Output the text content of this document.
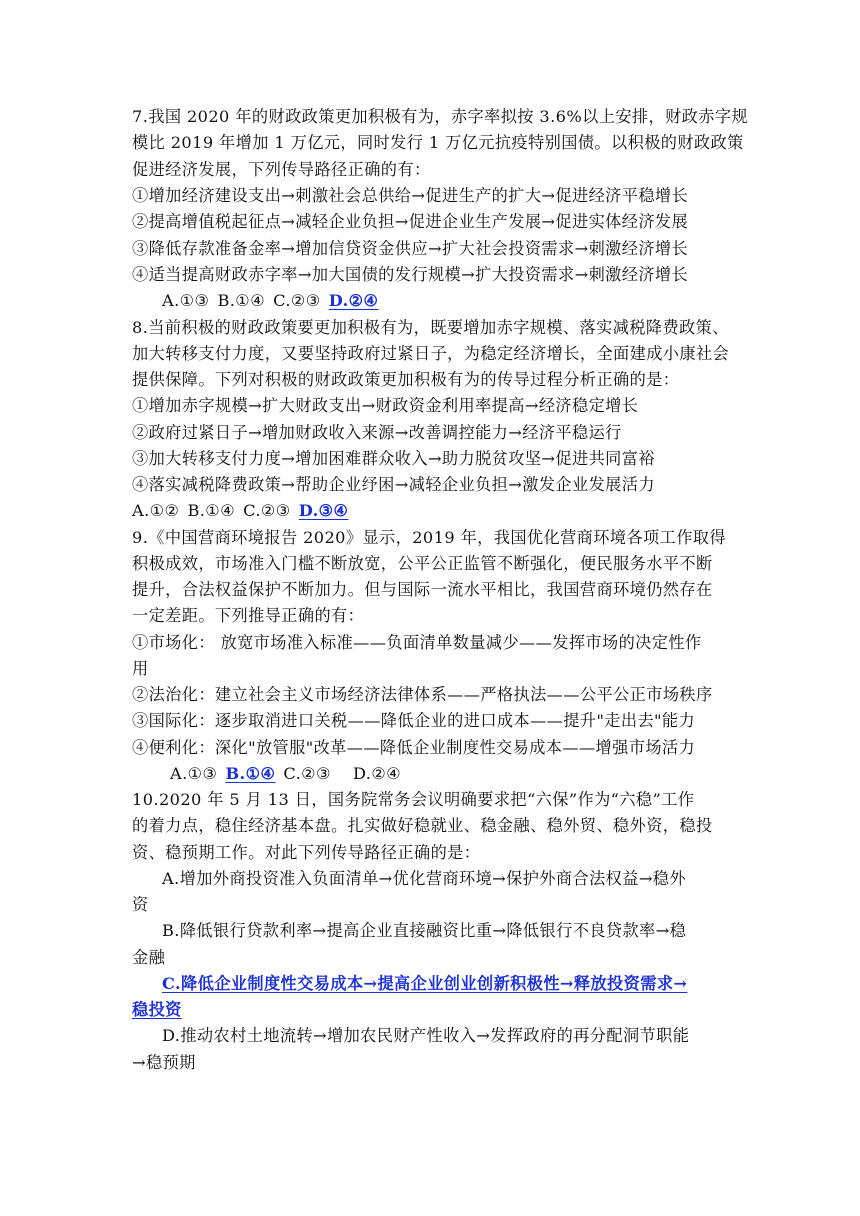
7.我国 2020 年的财政政策更加积极有为，赤字率拟按 3.6%以上安排，财政赤字规
模比 2019 年增加 1 万亿元，同时发行 1 万亿元抗疫特别国债。以积极的财政政策
促进经济发展，下列传导路径正确的有：
①增加经济建设支出→刺激社会总供给→促进生产的扩大→促进经济平稳增长
②提高增值税起征点→减轻企业负担→促进企业生产发展→促进实体经济发展
③降低存款准备金率→增加信贷资金供应→扩大社会投资需求→刺激经济增长
④适当提高财政赤字率→加大国债的发行规模→扩大投资需求→刺激经济增长
A.①③ B.①④ C.②③ D.②④
8.当前积极的财政政策要更加积极有为，既要增加赤字规模、落实减税降费政策、
加大转移支付力度，又要坚持政府过紧日子，为稳定经济增长，全面建成小康社会
提供保障。下列对积极的财政政策更加积极有为的传导过程分析正确的是：
①增加赤字规模→扩大财政支出→财政资金利用率提高→经济稳定增长
②政府过紧日子→增加财政收入来源→改善调控能力→经济平稳运行
③加大转移支付力度→增加困难群众收入→助力脱贫攻坚→促进共同富裕
④落实减税降费政策→帮助企业纾困→减轻企业负担→激发企业发展活力
A.①② B.①④ C.②③ D.③④
9.《中国营商环境报告 2020》显示，2019 年，我国优化营商环境各项工作取得
积极成效，市场准入门槛不断放宽，公平公正监管不断强化，便民服务水平不断
提升，合法权益保护不断加力。但与国际一流水平相比，我国营商环境仍然存在
一定差距。下列推导正确的有：
①市场化： 放宽市场准入标准——负面清单数量减少——发挥市场的决定性作
用
②法治化：建立社会主义市场经济法律体系——严格执法——公平公正市场秩序
③国际化：逐步取消进口关税——降低企业的进口成本——提升"走出去"能力
④便利化：深化"放管服"改革——降低企业制度性交易成本——增强市场活力
A.①③ B.①④ C.②③ D.②④
10.2020 年 5 月 13 日，国务院常务会议明确要求把“六保”作为“六稳”工作
的着力点，稳住经济基本盘。扎实做好稳就业、稳金融、稳外贸、稳外资，稳投
资、稳预期工作。对此下列传导路径正确的是：
A.增加外商投资准入负面清单→优化营商环境→保护外商合法权益→稳外
资
B.降低银行贷款利率→提高企业直接融资比重→降低银行不良贷款率→稳
金融
C.降低企业制度性交易成本→提高企业创业创新积极性→释放投资需求→
稳投资
D.推动农村土地流转→增加农民财产性收入→发挥政府的再分配洞节职能
→稳预期
